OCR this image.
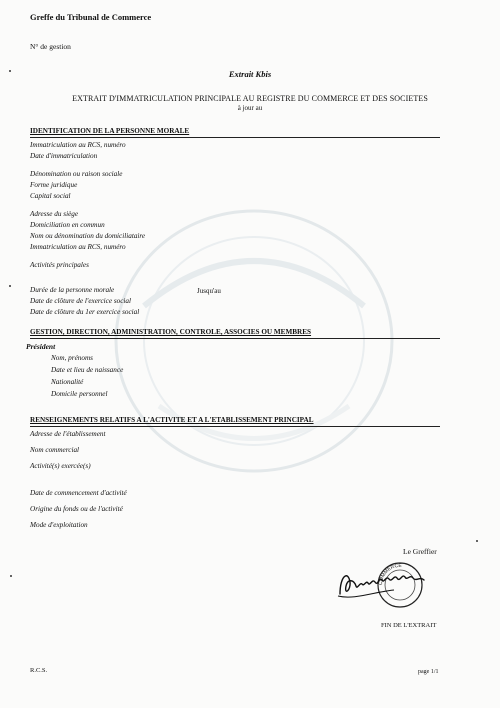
Greffe du Tribunal de Commerce
N° de gestion
Extrait Kbis
EXTRAIT D'IMMATRICULATION PRINCIPALE AU REGISTRE DU COMMERCE ET DES SOCIETES
à jour au
IDENTIFICATION DE LA PERSONNE MORALE
Immatriculation au RCS, numéro
Date d'immatriculation
Dénomination ou raison sociale
Forme juridique
Capital social
Adresse du siège
Domiciliation en commun
Nom ou dénomination du domiciliataire
Immatriculation au RCS, numéro
Activités principales
Durée de la personne morale	Jusqu'au
Date de clôture de l'exercice social
Date de clôture du 1er exercice social
GESTION, DIRECTION, ADMINISTRATION, CONTROLE, ASSOCIES OU MEMBRES
Président
Nom, prénoms
Date et lieu de naissance
Nationalité
Domicile personnel
RENSEIGNEMENTS RELATIFS A L'ACTIVITE ET A L'ETABLISSEMENT PRINCIPAL
Adresse de l'établissement
Nom commercial
Activité(s) exercée(s)
Date de commencement d'activité
Origine du fonds ou de l'activité
Mode d'exploitation
Le Greffier
COMMERCE
FIN DE L'EXTRAIT
R.C.S.	page 1/1
